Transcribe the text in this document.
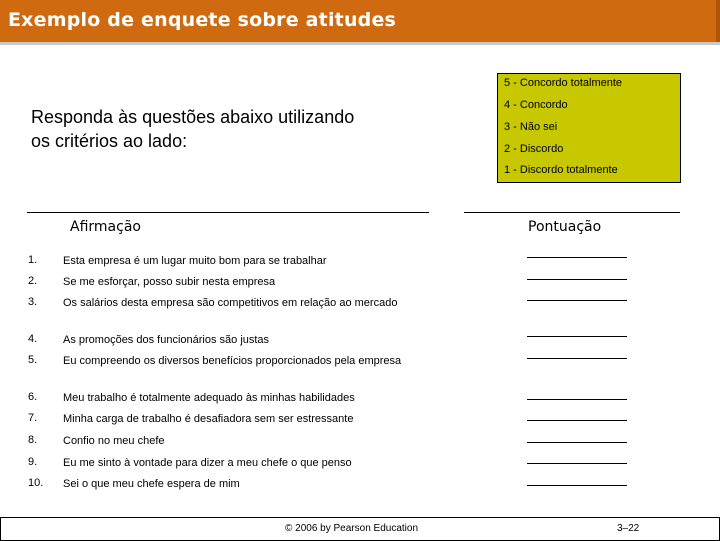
Exemplo de enquete sobre atitudes
5 - Concordo totalmente
4 - Concordo
3 - Não sei
2 - Discordo
1 - Discordo totalmente
Responda às questões abaixo utilizando
os critérios ao lado:
Afirmação	Pontuação
1. Esta empresa é um lugar muito bom para se trabalhar
2. Se me esforçar, posso subir nesta empresa
3. Os salários desta empresa são competitivos em relação ao mercado
4. As promoções dos funcionários são justas
5. Eu compreendo os diversos benefícios proporcionados pela empresa
6. Meu trabalho é totalmente adequado às minhas habilidades
7. Minha carga de trabalho é desafiadora sem ser estressante
8. Confio no meu chefe
9. Eu me sinto à vontade para dizer a meu chefe o que penso
10. Sei o que meu chefe espera de mim
© 2006 by Pearson Education	3–22
